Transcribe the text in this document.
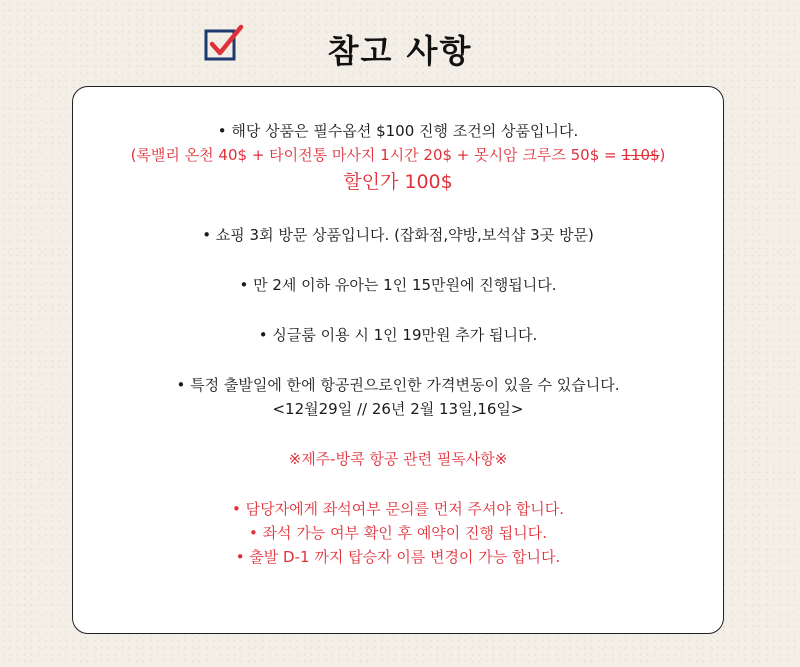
참고 사항
• 해당 상품은 필수옵션 $100 진행 조건의 상품입니다.
(록밸리 온천 40$ + 타이전통 마사지 1시간 20$ + 못시암 크루즈 50$ = 110$)
할인가 100$
• 쇼핑 3회 방문 상품입니다. (잡화점,약방,보석샵 3곳 방문)
• 만 2세 이하 유아는 1인 15만원에 진행됩니다.
• 싱글룸 이용 시 1인 19만원 추가 됩니다.
• 특정 출발일에 한에 항공권으로인한 가격변동이 있을 수 있습니다.
<12월29일 // 26년 2월 13일,16일>
※제주-방콕 항공 관련 필독사항※
• 담당자에게 좌석여부 문의를 먼저 주셔야 합니다.
• 좌석 가능 여부 확인 후 예약이 진행 됩니다.
• 출발 D-1 까지 탑승자 이름 변경이 가능 합니다.
